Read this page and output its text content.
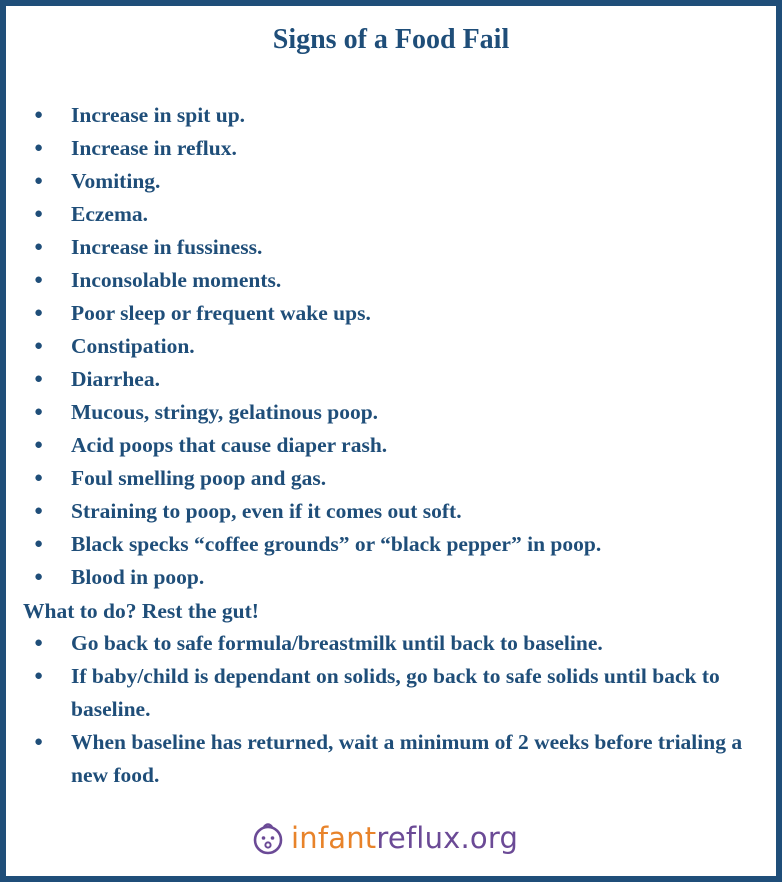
Signs of a Food Fail
● Increase in spit up.
● Increase in reflux.
● Vomiting.
● Eczema.
● Increase in fussiness.
● Inconsolable moments.
● Poor sleep or frequent wake ups.
● Constipation.
● Diarrhea.
● Mucous, stringy, gelatinous poop.
● Acid poops that cause diaper rash.
● Foul smelling poop and gas.
● Straining to poop, even if it comes out soft.
● Black specks “coffee grounds” or “black pepper” in poop.
● Blood in poop.
What to do? Rest the gut!
● Go back to safe formula/breastmilk until back to baseline.
● If baby/child is dependant on solids, go back to safe solids until back to baseline.
● When baseline has returned, wait a minimum of 2 weeks before trialing a new food.
infantreflux.org
